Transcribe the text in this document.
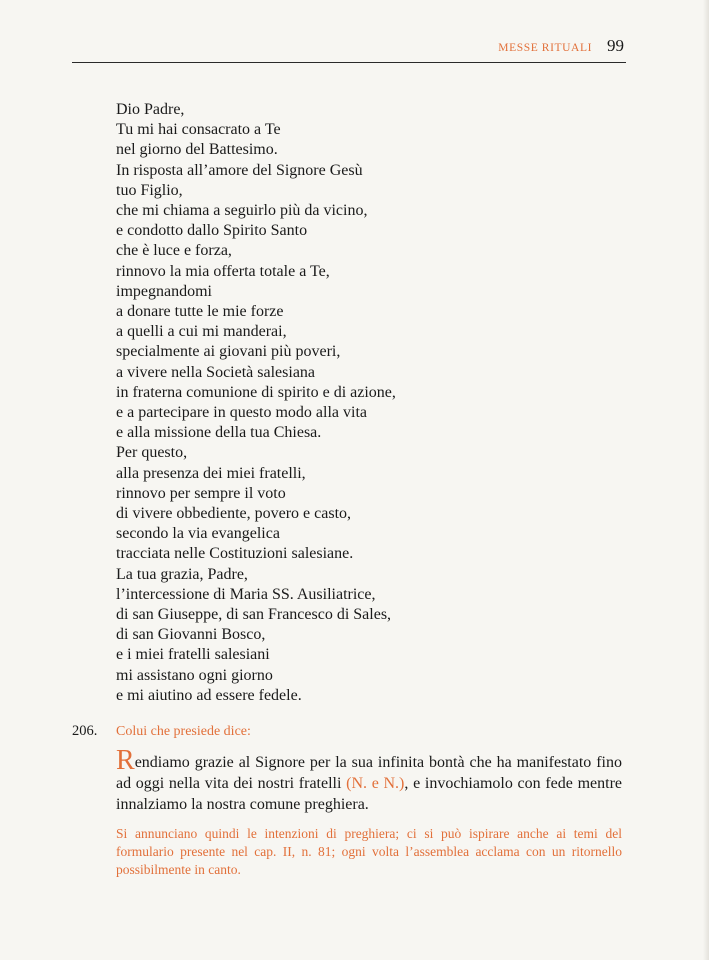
MESSE RITUALI 99
Dio Padre,
Tu mi hai consacrato a Te
nel giorno del Battesimo.
In risposta all’amore del Signore Gesù
tuo Figlio,
che mi chiama a seguirlo più da vicino,
e condotto dallo Spirito Santo
che è luce e forza,
rinnovo la mia offerta totale a Te,
impegnandomi
a donare tutte le mie forze
a quelli a cui mi manderai,
specialmente ai giovani più poveri,
a vivere nella Società salesiana
in fraterna comunione di spirito e di azione,
e a partecipare in questo modo alla vita
e alla missione della tua Chiesa.
Per questo,
alla presenza dei miei fratelli,
rinnovo per sempre il voto
di vivere obbediente, povero e casto,
secondo la via evangelica
tracciata nelle Costituzioni salesiane.
La tua grazia, Padre,
l’intercessione di Maria SS. Ausiliatrice,
di san Giuseppe, di san Francesco di Sales,
di san Giovanni Bosco,
e i miei fratelli salesiani
mi assistano ogni giorno
e mi aiutino ad essere fedele.
206. Colui che presiede dice:

Rendiamo grazie al Signore per la sua infinita bontà che ha manifestato fino ad oggi nella vita dei nostri fratelli (N. e N.), e invochiamolo con fede mentre innalziamo la nostra comune preghiera.

Si annunciano quindi le intenzioni di preghiera; ci si può ispirare anche ai temi del formulario presente nel cap. II, n. 81; ogni volta l’assemblea acclama con un ritornello possibilmente in canto.
